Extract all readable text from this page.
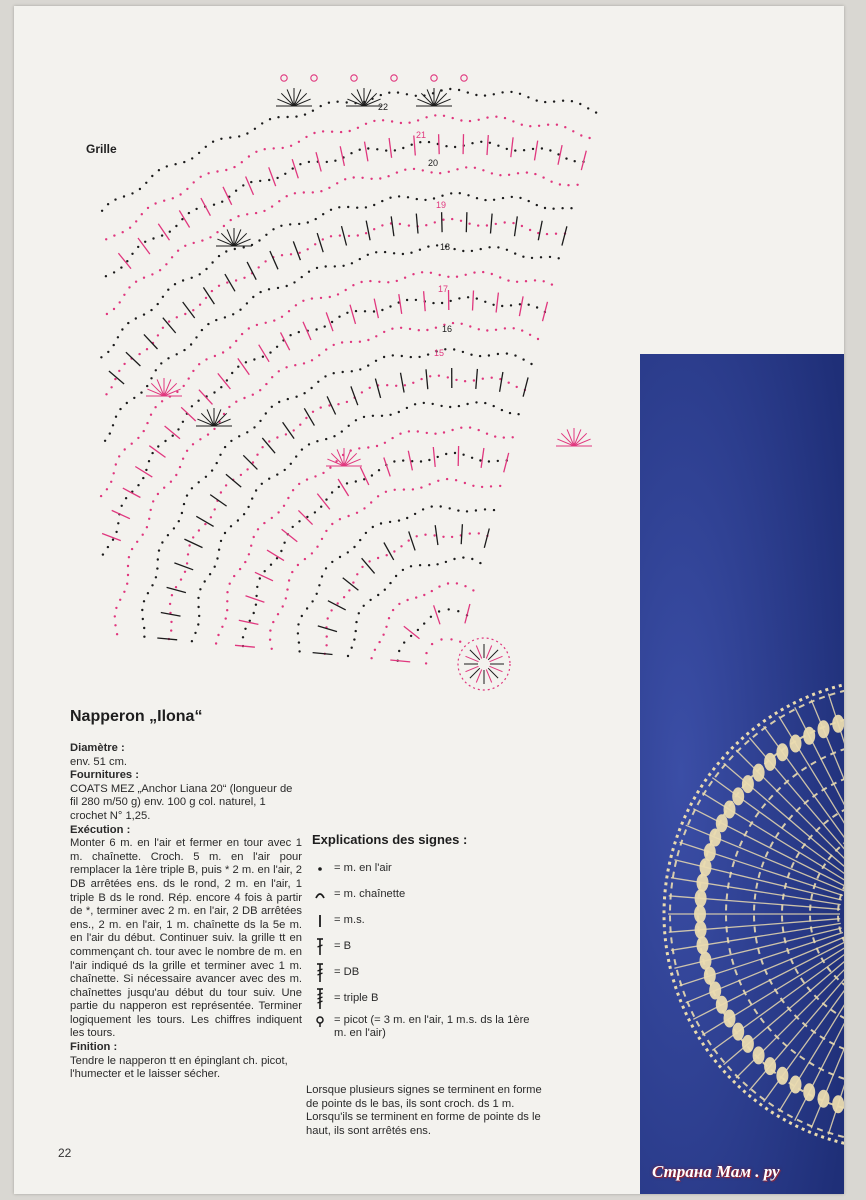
22
21
20
19
18
17
16
15
Grille
Napperon „Ilona“
Diamètre :
env. 51 cm.
Fournitures :
COATS MEZ „Anchor Liana 20“ (longueur de fil 280 m/50 g) env. 100 g col. naturel, 1 crochet N° 1,25.
Exécution :
Monter 6 m. en l'air et fermer en tour avec 1 m. chaînette. Croch. 5 m. en l'air pour remplacer la 1ère triple B, puis * 2 m. en l'air, 2 DB arrêtées ens. ds le rond, 2 m. en l'air, 1 triple B ds le rond. Rép. encore 4 fois à partir de *, terminer avec 2 m. en l'air, 2 DB arrêtées ens., 2 m. en l'air, 1 m. chaînette ds la 5e m. en l'air du début. Continuer suiv. la grille tt en commençant ch. tour avec le nombre de m. en l'air indiqué ds la grille et terminer avec 1 m. chaînette. Si nécessaire avancer avec des m. chaînettes jusqu'au début du tour suiv. Une partie du napperon est représentée. Terminer logiquement les tours. Les chiffres indiquent les tours.
Finition :
Tendre le napperon tt en épinglant ch. picot, l'humecter et le laisser sécher.
Explications des signes :
= m. en l'air
= m. chaînette
= m.s.
= B
= DB
= triple B
= picot (= 3 m. en l'air, 1 m.s. ds la 1ère m. en l'air)
Lorsque plusieurs signes se terminent en forme de pointe ds le bas, ils sont croch. ds 1 m. Lorsqu'ils se terminent en forme de pointe ds le haut, ils sont arrêtés ens.
22
Страна Мам . ру
